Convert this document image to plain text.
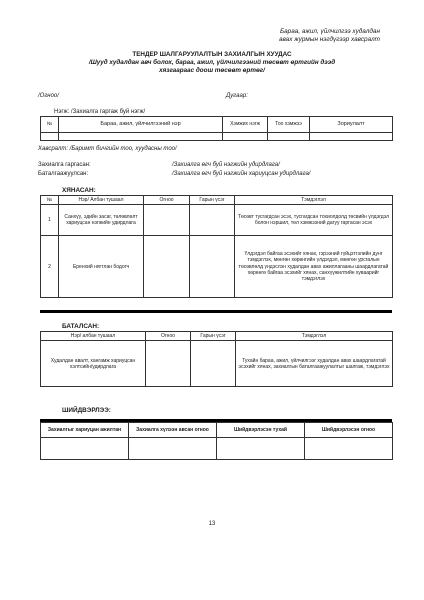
Бараа, ажил, үйлчилгээ худалдан
авах журмын нэгдүгээр хавсралт
ТЕНДЕР ШАЛГАРУУЛАЛТЫН ЗАХИАЛГЫН ХУУДАС
/Шууд худалдан авч болох, бараа, ажил, үйлчилгээний төсөвт өртгийн дээд
хязгаараас доош төсөвт өртөг/
/Огноо/	Дугаар:
Нэгж: /Захиалга гаргаж буй нэгж/
№	Бараа, ажил, үйлчилгээний нэр	Хэмжих нэгж	Тоо хэмжээ	Зориулалт

Хавсралт: /Баримт бичгийн тоо, хуудасны тоо/
Захиалга гаргасан:	/Захиалга өгч буй нэгжийн удирдлага/
Баталгаажуулсан:	/Захиалга өгч буй нэгжийн хариуцсан удирдлага/
ХЯНАСАН:
№	Нэр/ Албан тушаал	Огноо	Гарын үсэг	Тэмдэглэл
1	Санхүү, эдийн засаг, төлөвлөлт хариуцсан нэгжийн удирдлага			Төсөвт тусгагдсан эсэх, тусгагдсан тохиолдолд төсвийн үлдэгдэл болон нэршил, төл хэмжээний дагуу гаргасан эсэх
2	Еренхий нягтлан бодогч			Үлдэгдэл байгаа эсэхийг хянах, гэрээний гүйцэтгэлийн дүнг тэмдэглэх, мөнгөн хөрөнгийн үлдэгдэл, мөнгөн урсгалын төсөвлөлд үндэслэн худалдан авах ажиллагааны шаардлагатай хөрөнгө байгаа эсэхийг хянах, санхүүжилтийн хуваарийг тэмдэглэх
БАТАЛСАН:
Нэр/ албан тушаал	Огноо	Гарын үсэг	Тэмдэглэл
Худалдан авалт, хангамж хариуцсан хэлтсийн/удирдлага			Тухайн бараа, ажил, үйлчилгээг худалдан авах шаардлагатай эсэхийг хянах, захиалгын баталгаажуулалтыг шалгаж, тэмдэглэх
ШИЙДВЭРЛЭЭ:
Захиалгыг хариуцан ажилтан	Захиалга хүлээн авсан огноо	Шийдвэрлэсэн тухай	Шийдвэрлэсэн огноо

13
